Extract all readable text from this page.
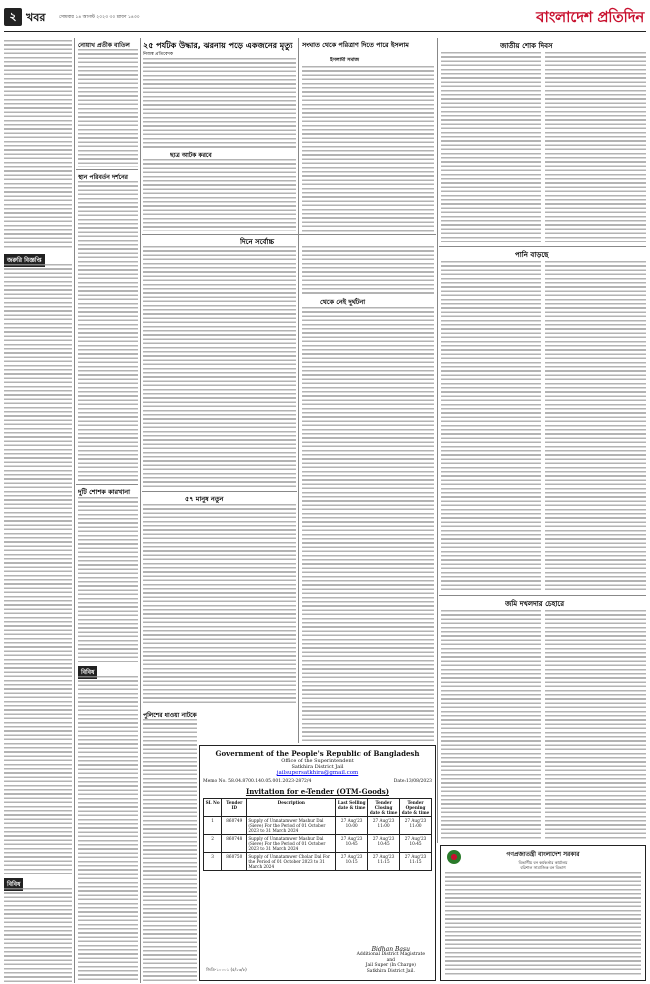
২ খবর	সোমবার ১৪ আগস্ট ২০২৩ ৩০ শ্রাবণ ১৪৩০	বাংলাদেশ প্রতিদিন
জরুরি বিজ্ঞপ্তি
বিবিধ
নোয়াখ প্রতীক বাতিল
স্থান পরিবর্তন দর্শনের
দুটি শোশক কারখানা
বিবিধ
২৫ পর্যটক উদ্ধার, ঝরনায় পড়ে একজনের মৃত্যু
নিজস্ব প্রতিবেদক
ছাত্র আটক করবে
সংঘাত থেকে পরিত্রাণ দিতে পারে ইসলাম
ইসলামী সমাজ
দিনে সর্বোচ্চ
থেকে নেই দুর্ঘটনা
৫৭ মানুষ নতুন
পুলিশের ধাওয়া নাটকে
জাতীয় শোক দিবস
পানি বাড়ছে
জমি দখলদার চেহারে
Government of the People's Republic of Bangladesh
Office of the Superintendent
Satkhira District Jail
jailsupersatkhira@gmail.com
Memo No. 58.04.8700.140.05.001.2023-2872/4	Date:13/08/2023
Invitation for e-Tender (OTM-Goods)
SL No	Tender ID	Description	Last Selling date & time	Tender Closing date & time	Tender Opening date & time
1	860749	Supply of Unnatamwer Mashur Dal (Sieve) For the Period of 01 October 2023 to 31 March 2024	27 Aug'23 10:00	27 Aug'23 11:00	27 Aug'23 11:00
2	860748	Supply of Unnatamwer Mashur Dal (Sieve) For the Period of 01 October 2023 to 31 March 2024	27 Aug'23 10:45	27 Aug'23 10:45	27 Aug'23 10:45
3	860750	Supply of Unnatamwer Cholar Dal For the Period of 01 October 2023 to 31 March 2024	27 Aug'23 10:15	27 Aug'23 11:15	27 Aug'23 11:15
জিডি-১০০০১ (৫/১৩/৮)
Bidhan Basu
Additional District Magistrate
and
Jail Super (In Charge)
Satkhira District Jail.
গণপ্রজাতন্ত্রী বাংলাদেশ সরকার
বিভাগীয় বন কর্মকর্তার কার্যালয়
বরিশাল সামাজিক বন বিভাগ
